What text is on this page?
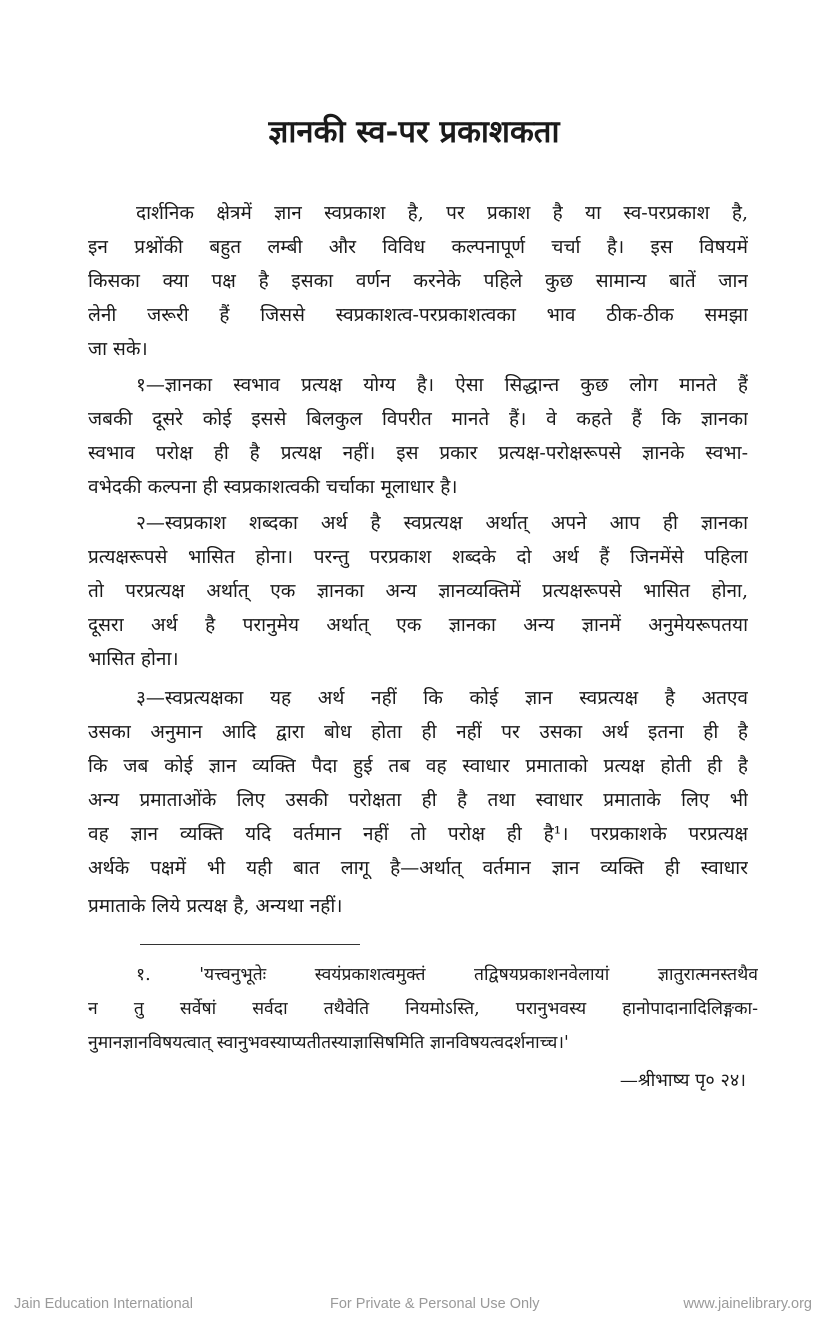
ज्ञानकी स्व-पर प्रकाशकता
दार्शनिक क्षेत्रमें ज्ञान स्वप्रकाश है, पर प्रकाश है या स्व-परप्रकाश है,
इन प्रश्नोंकी बहुत लम्बी और विविध कल्पनापूर्ण चर्चा है। इस विषयमें
किसका क्या पक्ष है इसका वर्णन करनेके पहिले कुछ सामान्य बातें जान
लेनी जरूरी हैं जिससे स्वप्रकाशत्व-परप्रकाशत्वका भाव ठीक-ठीक समझा
जा सके।
१—ज्ञानका स्वभाव प्रत्यक्ष योग्य है। ऐसा सिद्धान्त कुछ लोग मानते हैं
जबकी दूसरे कोई इससे बिलकुल विपरीत मानते हैं। वे कहते हैं कि ज्ञानका
स्वभाव परोक्ष ही है प्रत्यक्ष नहीं। इस प्रकार प्रत्यक्ष-परोक्षरूपसे ज्ञानके स्वभा-
वभेदकी कल्पना ही स्वप्रकाशत्वकी चर्चाका मूलाधार है।
२—स्वप्रकाश शब्दका अर्थ है स्वप्रत्यक्ष अर्थात् अपने आप ही ज्ञानका
प्रत्यक्षरूपसे भासित होना। परन्तु परप्रकाश शब्दके दो अर्थ हैं जिनमेंसे पहिला
तो परप्रत्यक्ष अर्थात् एक ज्ञानका अन्य ज्ञानव्यक्तिमें प्रत्यक्षरूपसे भासित होना,
दूसरा अर्थ है परानुमेय अर्थात् एक ज्ञानका अन्य ज्ञानमें अनुमेयरूपतया
भासित होना।
३—स्वप्रत्यक्षका यह अर्थ नहीं कि कोई ज्ञान स्वप्रत्यक्ष है अतएव
उसका अनुमान आदि द्वारा बोध होता ही नहीं पर उसका अर्थ इतना ही है
कि जब कोई ज्ञान व्यक्ति पैदा हुई तब वह स्वाधार प्रमाताको प्रत्यक्ष होती ही है
अन्य प्रमाताओंके लिए उसकी परोक्षता ही है तथा स्वाधार प्रमाताके लिए भी
वह ज्ञान व्यक्ति यदि वर्तमान नहीं तो परोक्ष ही है¹। परप्रकाशके परप्रत्यक्ष
अर्थके पक्षमें भी यही बात लागू है—अर्थात् वर्तमान ज्ञान व्यक्ति ही स्वाधार
प्रमाताके लिये प्रत्यक्ष है, अन्यथा नहीं।
१. 'यत्त्वनुभूतेः स्वयंप्रकाशत्वमुक्तं तद्विषयप्रकाशनवेलायां ज्ञातुरात्मनस्तथैव
न तु सर्वेषां सर्वदा तथैवेति नियमोऽस्ति, परानुभवस्य हानोपादानादिलिङ्गका-
नुमानज्ञानविषयत्वात् स्वानुभवस्याप्यतीतस्याज्ञासिषमिति ज्ञानविषयत्वदर्शनाच्च।'
—श्रीभाष्य पृ० २४।
Jain Education International	For Private & Personal Use Only	www.jainelibrary.org
